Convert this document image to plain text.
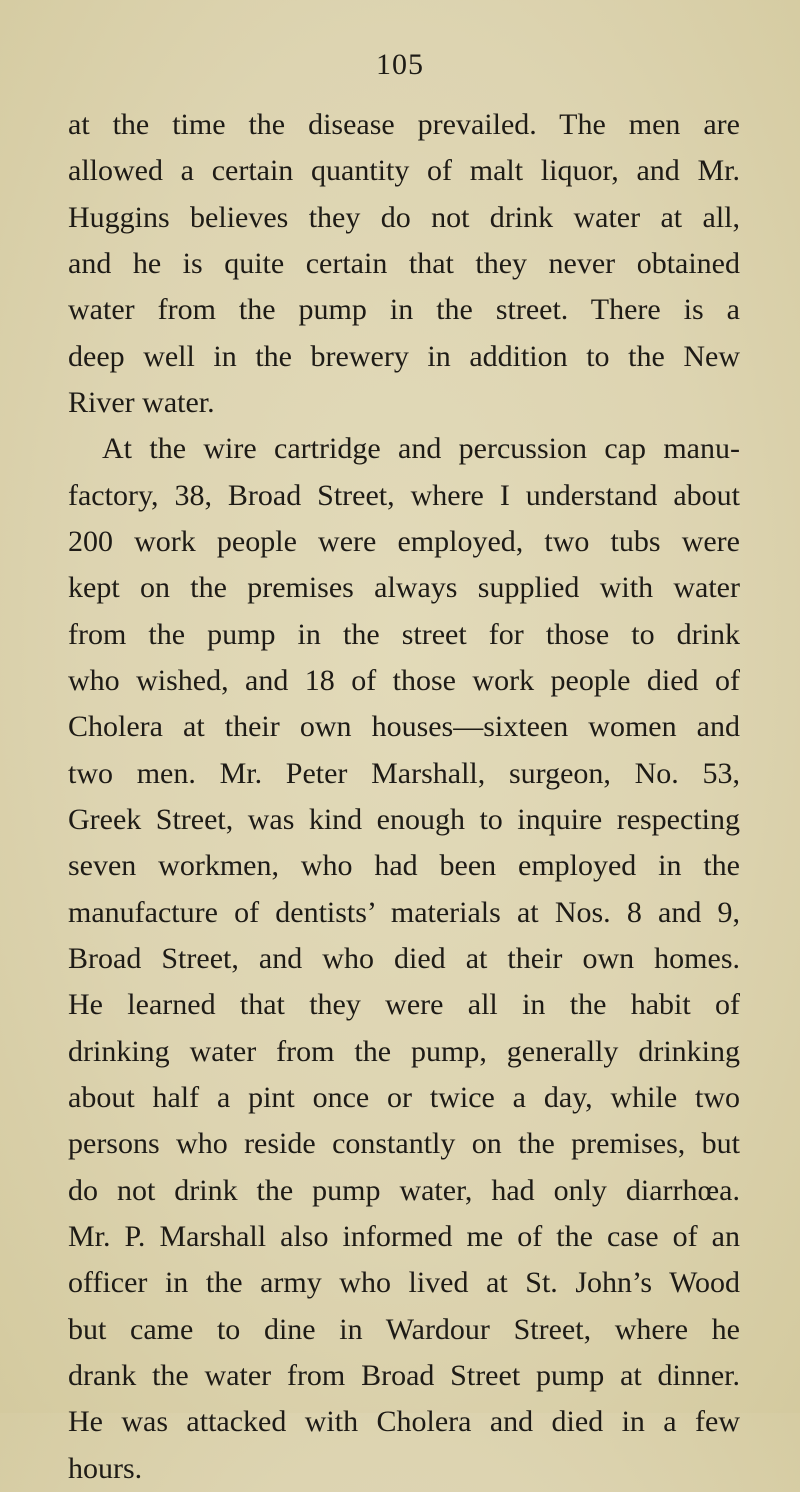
105
at the time the disease prevailed. The men are
allowed a certain quantity of malt liquor, and Mr.
Huggins believes they do not drink water at all,
and he is quite certain that they never obtained
water from the pump in the street. There is a
deep well in the brewery in addition to the New
River water.
At the wire cartridge and percussion cap manu-
factory, 38, Broad Street, where I understand about
200 work people were employed, two tubs were
kept on the premises always supplied with water
from the pump in the street for those to drink
who wished, and 18 of those work people died of
Cholera at their own houses—sixteen women and
two men. Mr. Peter Marshall, surgeon, No. 53,
Greek Street, was kind enough to inquire respecting
seven workmen, who had been employed in the
manufacture of dentists’ materials at Nos. 8 and 9,
Broad Street, and who died at their own homes.
He learned that they were all in the habit of
drinking water from the pump, generally drinking
about half a pint once or twice a day, while two
persons who reside constantly on the premises, but
do not drink the pump water, had only diarrhœa.
Mr. P. Marshall also informed me of the case of an
officer in the army who lived at St. John’s Wood
but came to dine in Wardour Street, where he
drank the water from Broad Street pump at dinner.
He was attacked with Cholera and died in a few
hours.
